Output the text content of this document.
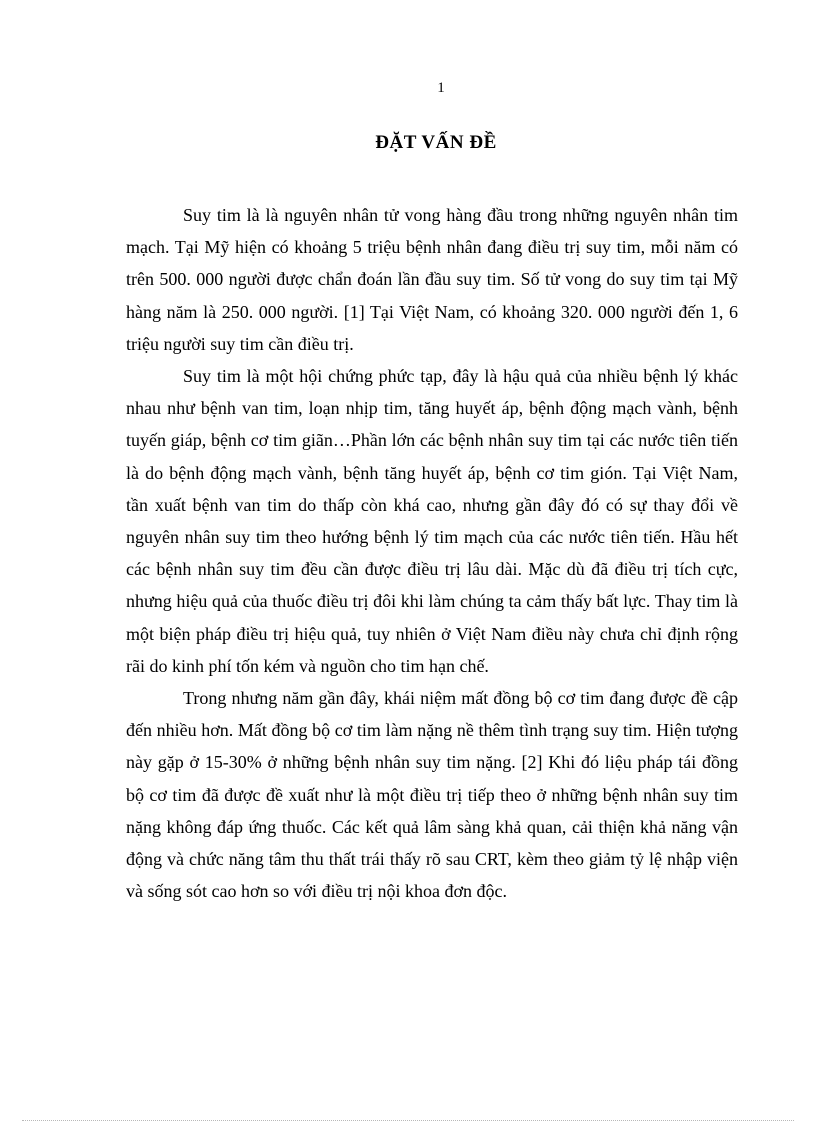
1
ĐẶT VẤN ĐỀ

Suy tim là là nguyên nhân tử vong hàng đầu trong những nguyên nhân tim mạch. Tại Mỹ hiện có khoảng 5 triệu bệnh nhân đang điều trị suy tim, mỗi năm có trên 500. 000 người được chẩn đoán lần đầu suy tim. Số tử vong do suy tim tại Mỹ hàng năm là 250. 000 người. [1] Tại Việt Nam, có khoảng 320. 000 người đến 1, 6 triệu người suy tim cần điều trị.

Suy tim là một hội chứng phức tạp, đây là hậu quả của nhiều bệnh lý khác nhau như bệnh van tim, loạn nhịp tim, tăng huyết áp, bệnh động mạch vành, bệnh tuyến giáp, bệnh cơ tim giãn…Phần lớn các bệnh nhân suy tim tại các nước tiên tiến là do bệnh động mạch vành, bệnh tăng huyết áp, bệnh cơ tim gión. Tại Việt Nam, tần xuất bệnh van tim do thấp còn khá cao, nhưng gần đây đó có sự thay đổi về nguyên nhân suy tim theo hướng bệnh lý tim mạch của các nước tiên tiến. Hầu hết các bệnh nhân suy tim đều cần được điều trị lâu dài. Mặc dù đã điều trị tích cực, nhưng hiệu quả của thuốc điều trị đôi khi làm chúng ta cảm thấy bất lực. Thay tim là một biện pháp điều trị hiệu quả, tuy nhiên ở Việt Nam điều này chưa chỉ định rộng rãi do kinh phí tốn kém và nguồn cho tim hạn chế.

Trong nhưng năm gần đây, khái niệm mất đồng bộ cơ tim đang được đề cập đến nhiều hơn. Mất đồng bộ cơ tim làm nặng nề thêm tình trạng suy tim. Hiện tượng này gặp ở 15-30% ở những bệnh nhân suy tim nặng. [2] Khi đó liệu pháp tái đồng bộ cơ tim đã được đề xuất như là một điều trị tiếp theo ở những bệnh nhân suy tim nặng không đáp ứng thuốc. Các kết quả lâm sàng khả quan, cải thiện khả năng vận động và chức năng tâm thu thất trái thấy rõ sau CRT, kèm theo giảm tỷ lệ nhập viện và sống sót cao hơn so với điều trị nội khoa đơn độc.
